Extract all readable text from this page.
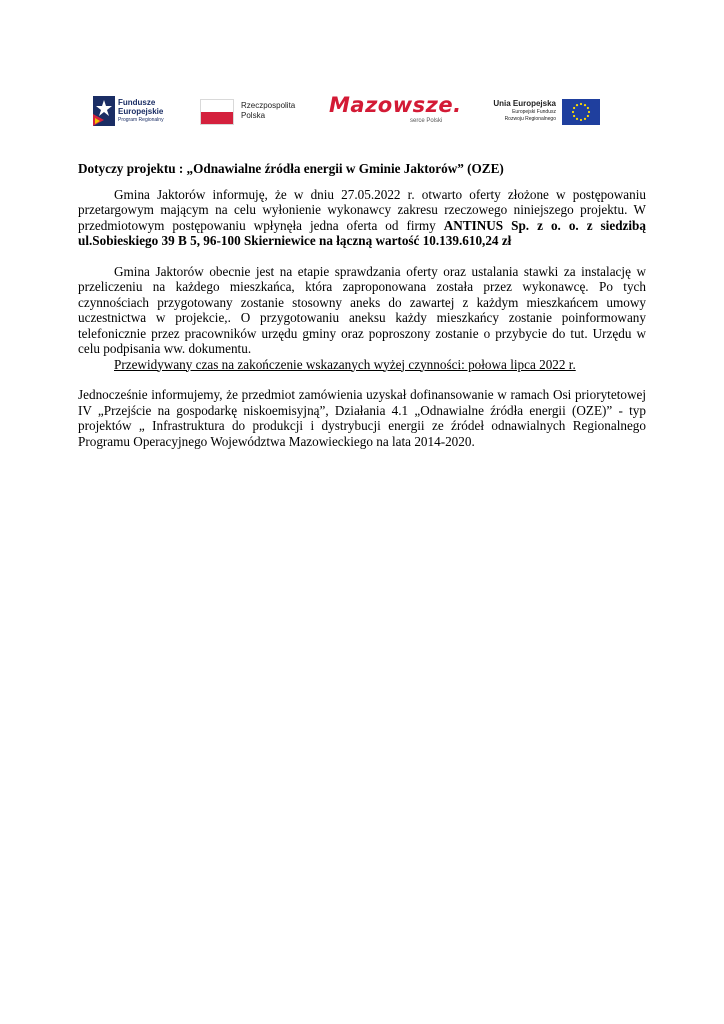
Fundusze
Europejskie
Program Regionalny
Rzeczpospolita
Polska	Mazowsze.
serce Polski
Unia Europejska
Europejski Fundusz
Rozwoju Regionalnego

Dotyczy projektu : „Odnawialne źródła energii w Gminie Jaktorów” (OZE)

Gmina Jaktorów informuję, że w dniu 27.05.2022 r. otwarto oferty złożone w postępowaniu przetargowym mającym na celu wyłonienie wykonawcy zakresu rzeczowego niniejszego projektu. W przedmiotowym postępowaniu wpłynęła jedna oferta od firmy ANTINUS Sp. z o. o. z siedzibą ul.Sobieskiego 39 B 5, 96-100 Skierniewice na łączną wartość 10.139.610,24 zł

Gmina Jaktorów obecnie jest na etapie sprawdzania oferty oraz ustalania stawki za instalację w przeliczeniu na każdego mieszkańca, która zaproponowana została przez wykonawcę. Po tych czynnościach przygotowany zostanie stosowny aneks do zawartej z każdym mieszkańcem umowy uczestnictwa w projekcie,. O przygotowaniu aneksu każdy mieszkańcy zostanie poinformowany telefonicznie przez pracowników urzędu gminy oraz poproszony zostanie o przybycie do tut. Urzędu w celu podpisania ww. dokumentu.

Przewidywany czas na zakończenie wskazanych wyżej czynności: połowa lipca 2022 r.

Jednocześnie informujemy, że przedmiot zamówienia uzyskał dofinansowanie w ramach Osi priorytetowej IV „Przejście na gospodarkę niskoemisyjną”, Działania 4.1 „Odnawialne źródła energii (OZE)” - typ projektów „ Infrastruktura do produkcji i dystrybucji energii ze źródeł odnawialnych Regionalnego Programu Operacyjnego Województwa Mazowieckiego na lata 2014-2020.
